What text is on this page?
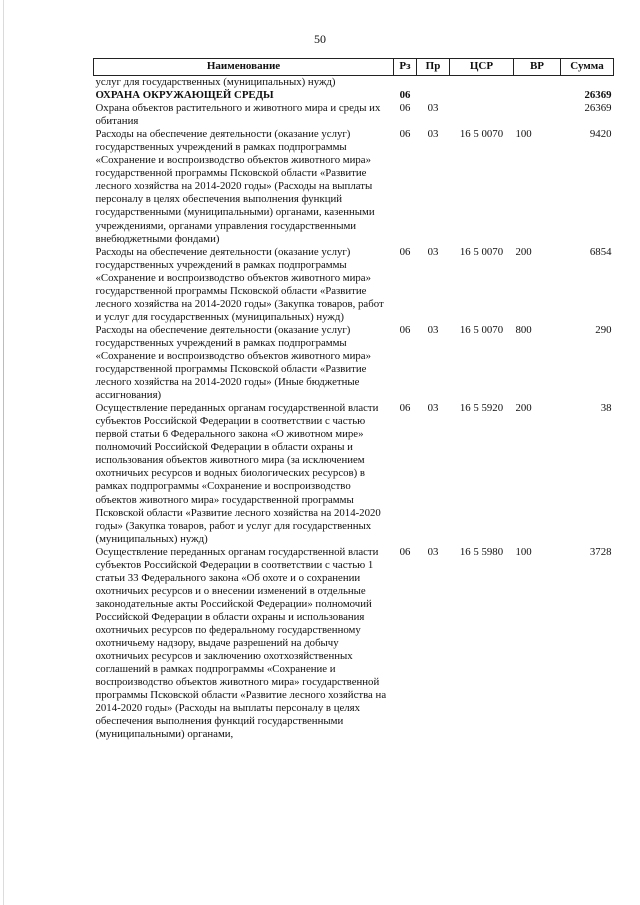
50
Наименование	Рз	Пр	ЦСР	ВР	Сумма
услуг для государственных (муниципальных) нужд)					
ОХРАНА ОКРУЖАЮЩЕЙ СРЕДЫ	06				26369
Охрана объектов растительного и животного мира и среды их обитания	06	03			26369
Расходы на обеспечение деятельности (оказание услуг) государственных учреждений в рамках подпрограммы «Сохранение и воспроизводство объектов животного мира» государственной программы Псковской области «Развитие лесного хозяйства на 2014-2020 годы» (Расходы на выплаты персоналу в целях обеспечения выполнения функций государственными (муниципальными) органами, казенными учреждениями, органами управления государственными внебюджетными фондами)	06	03	16 5 0070	100	9420
Расходы на обеспечение деятельности (оказание услуг) государственных учреждений в рамках подпрограммы «Сохранение и воспроизводство объектов животного мира» государственной программы Псковской области «Развитие лесного хозяйства на 2014-2020 годы» (Закупка товаров, работ и услуг для государственных (муниципальных) нужд)	06	03	16 5 0070	200	6854
Расходы на обеспечение деятельности (оказание услуг) государственных учреждений в рамках подпрограммы «Сохранение и воспроизводство объектов животного мира» государственной программы Псковской области «Развитие лесного хозяйства на 2014-2020 годы» (Иные бюджетные ассигнования)	06	03	16 5 0070	800	290
Осуществление переданных органам государственной власти субъектов Российской Федерации в соответствии с частью первой статьи 6 Федерального закона «О животном мире» полномочий Российской Федерации в области охраны и использования объектов животного мира (за исключением охотничьих ресурсов и водных биологических ресурсов) в рамках подпрограммы «Сохранение и воспроизводство объектов животного мира» государственной программы Псковской области «Развитие лесного хозяйства на 2014-2020 годы» (Закупка товаров, работ и услуг для государственных (муниципальных) нужд)	06	03	16 5 5920	200	38
Осуществление переданных органам государственной власти субъектов Российской Федерации в соответствии с частью 1 статьи 33 Федерального закона «Об охоте и о сохранении охотничьих ресурсов и о внесении изменений в отдельные законодательные акты Российской Федерации» полномочий Российской Федерации в области охраны и использования охотничьих ресурсов по федеральному государственному охотничьему надзору, выдаче разрешений на добычу охотничьих ресурсов и заключению охотхозяйственных соглашений в рамках подпрограммы «Сохранение и воспроизводство объектов животного мира» государственной программы Псковской области «Развитие лесного хозяйства на 2014-2020 годы» (Расходы на выплаты персоналу в целях обеспечения выполнения функций государственными (муниципальными) органами,	06	03	16 5 5980	100	3728
